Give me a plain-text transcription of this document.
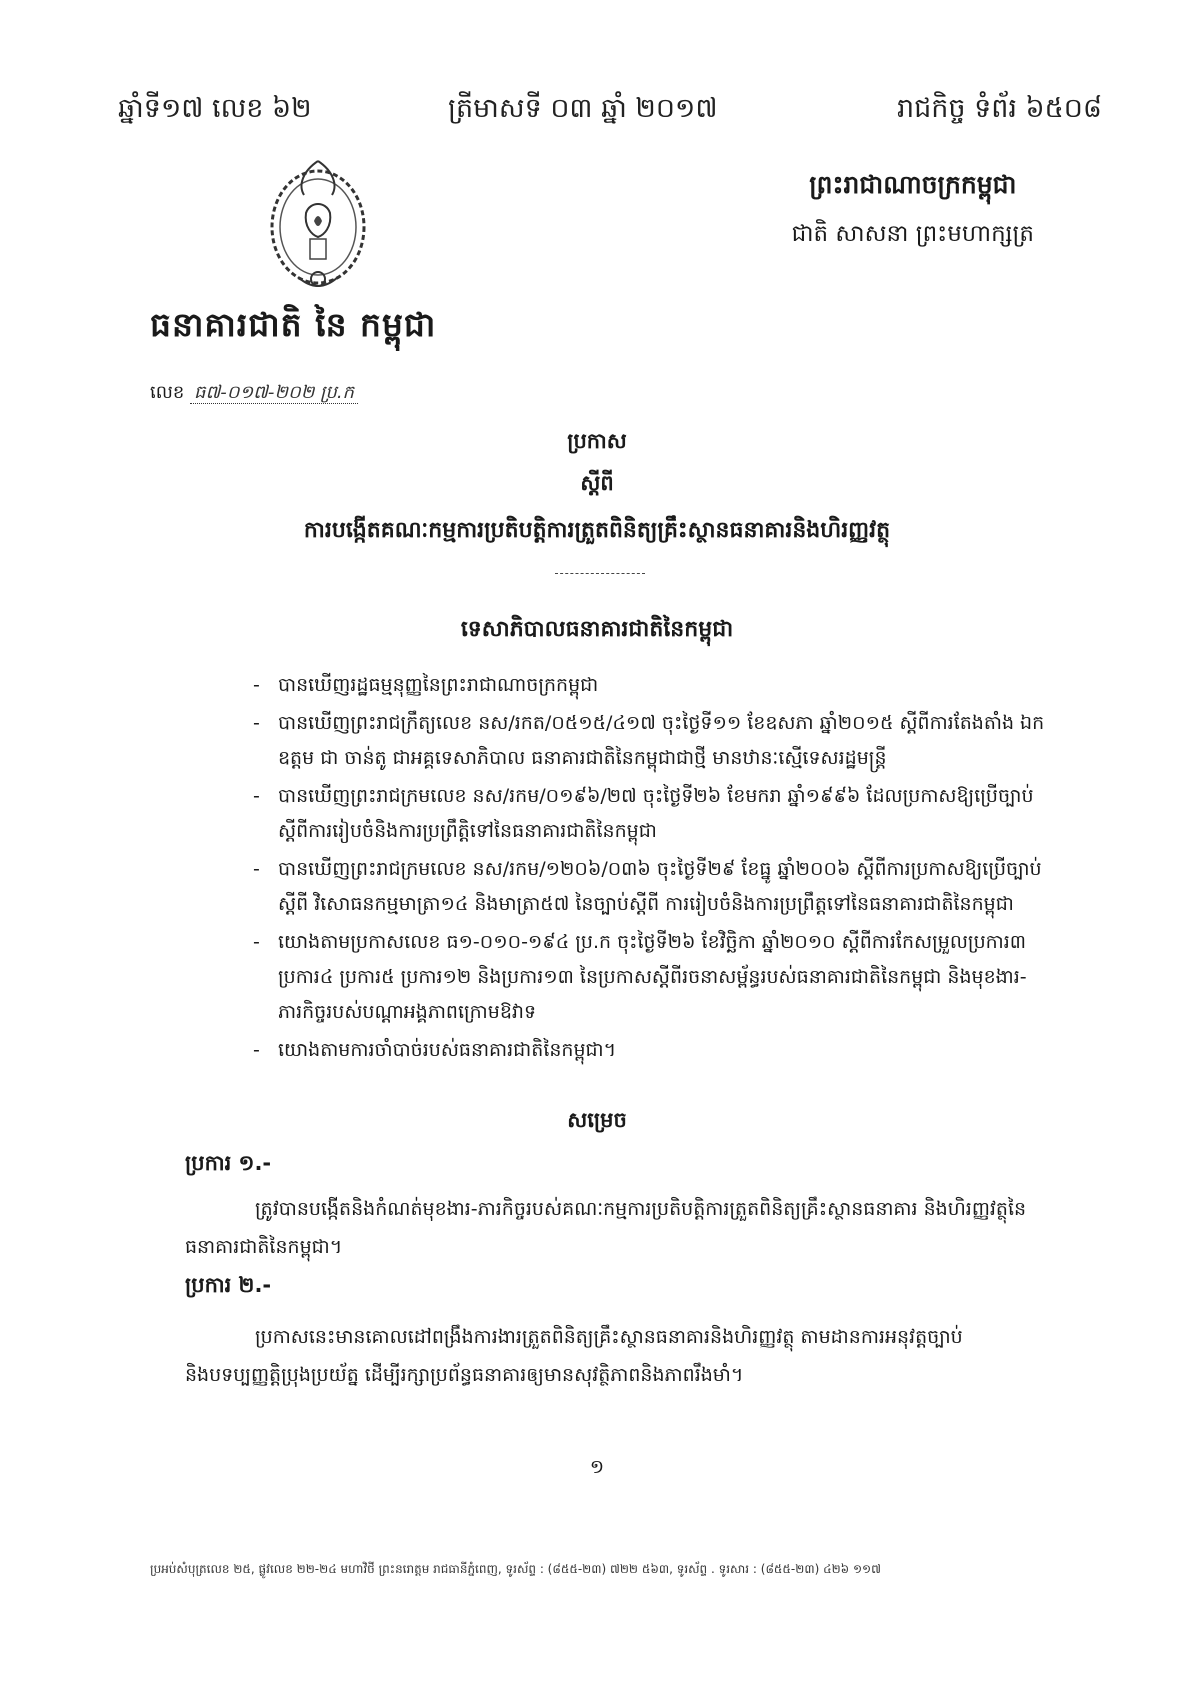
ឆ្នាំទី១៧ លេខ ៦២	ត្រីមាសទី ០៣ ឆ្នាំ ២០១៧	រាជកិច្ច ទំព័រ ៦៥០៨
ព្រះរាជាណាចក្រកម្ពុជា
ជាតិ សាសនា ព្រះមហាក្សត្រ
ធនាគារជាតិ នៃ កម្ពុជា
លេខ ធ៧-០១៧-២០២ ប្រ.ក
ប្រកាស
ស្ដីពី
ការបង្កើតគណៈកម្មការប្រតិបត្តិការត្រួតពិនិត្យគ្រឹះស្ថានធនាគារនិងហិរញ្ញវត្ថុ
ទេសាភិបាលធនាគារជាតិនៃកម្ពុជា
- បានឃើញរដ្ឋធម្មនុញ្ញនៃព្រះរាជាណាចក្រកម្ពុជា
- បានឃើញព្រះរាជក្រឹត្យលេខ នស/រកត/០៥១៥/៤១៧ ចុះថ្ងៃទី១១ ខែឧសភា ឆ្នាំ២០១៥ ស្ដីពីការតែងតាំង ឯកឧត្តម ជា ចាន់តូ ជាអគ្គទេសាភិបាល ធនាគារជាតិនៃកម្ពុជាជាថ្មី មានឋានៈស្មើទេសរដ្ឋមន្ត្រី
- បានឃើញព្រះរាជក្រមលេខ នស/រកម/០១៩៦/២៧ ចុះថ្ងៃទី២៦ ខែមករា ឆ្នាំ១៩៩៦ ដែលប្រកាសឱ្យប្រើច្បាប់ស្ដីពីការរៀបចំនិងការប្រព្រឹត្តិទៅនៃធនាគារជាតិនៃកម្ពុជា
- បានឃើញព្រះរាជក្រមលេខ នស/រកម/១២០៦/០៣៦ ចុះថ្ងៃទី២៩ ខែធ្នូ ឆ្នាំ២០០៦ ស្ដីពីការប្រកាសឱ្យប្រើច្បាប់ស្ដីពី វិសោធនកម្មមាត្រា១៤ និងមាត្រា៥៧ នៃច្បាប់ស្ដីពី ការរៀបចំនិងការប្រព្រឹត្តទៅនៃធនាគារជាតិនៃកម្ពុជា
- យោងតាមប្រកាសលេខ ធ១-០១០-១៩៤ ប្រ.ក ចុះថ្ងៃទី២៦ ខែវិច្ឆិកា ឆ្នាំ២០១០ ស្ដីពីការកែសម្រួលប្រការ៣ ប្រការ៤ ប្រការ៥ ប្រការ១២ និងប្រការ១៣ នៃប្រកាសស្ដីពីរចនាសម្ព័ន្ធរបស់ធនាគារជាតិនៃកម្ពុជា និងមុខងារ-ភារកិច្ចរបស់បណ្ដាអង្គភាពក្រោមឱវាទ
- យោងតាមការចាំបាច់របស់ធនាគារជាតិនៃកម្ពុជា។
សម្រេច
ប្រការ ១.-

ត្រូវបានបង្កើតនិងកំណត់មុខងារ-ភារកិច្ចរបស់គណៈកម្មការប្រតិបត្តិការត្រួតពិនិត្យគ្រឹះស្ថានធនាគារ និងហិរញ្ញវត្ថុនៃធនាគារជាតិនៃកម្ពុជា។

ប្រការ ២.-

ប្រកាសនេះមានគោលដៅពង្រឹងការងារត្រួតពិនិត្យគ្រឹះស្ថានធនាគារនិងហិរញ្ញវត្ថុ តាមដានការអនុវត្តច្បាប់ និងបទប្បញ្ញត្តិប្រុងប្រយ័ត្ន ដើម្បីរក្សាប្រព័ន្ធធនាគារឲ្យមានសុវត្ថិភាពនិងភាពរឹងមាំ។

១
ប្រអប់សំបុត្រលេខ ២៥, ផ្លូវលេខ ២២-២៤ មហាវិថី ព្រះនរោត្តម រាជធានីភ្នំពេញ, ទូរស័ព្ទ : (៨៥៥-២៣) ៧២២ ៥៦៣, ទូរស័ព្ទ . ទូរសារ : (៨៥៥-២៣) ៤២៦ ១១៧
